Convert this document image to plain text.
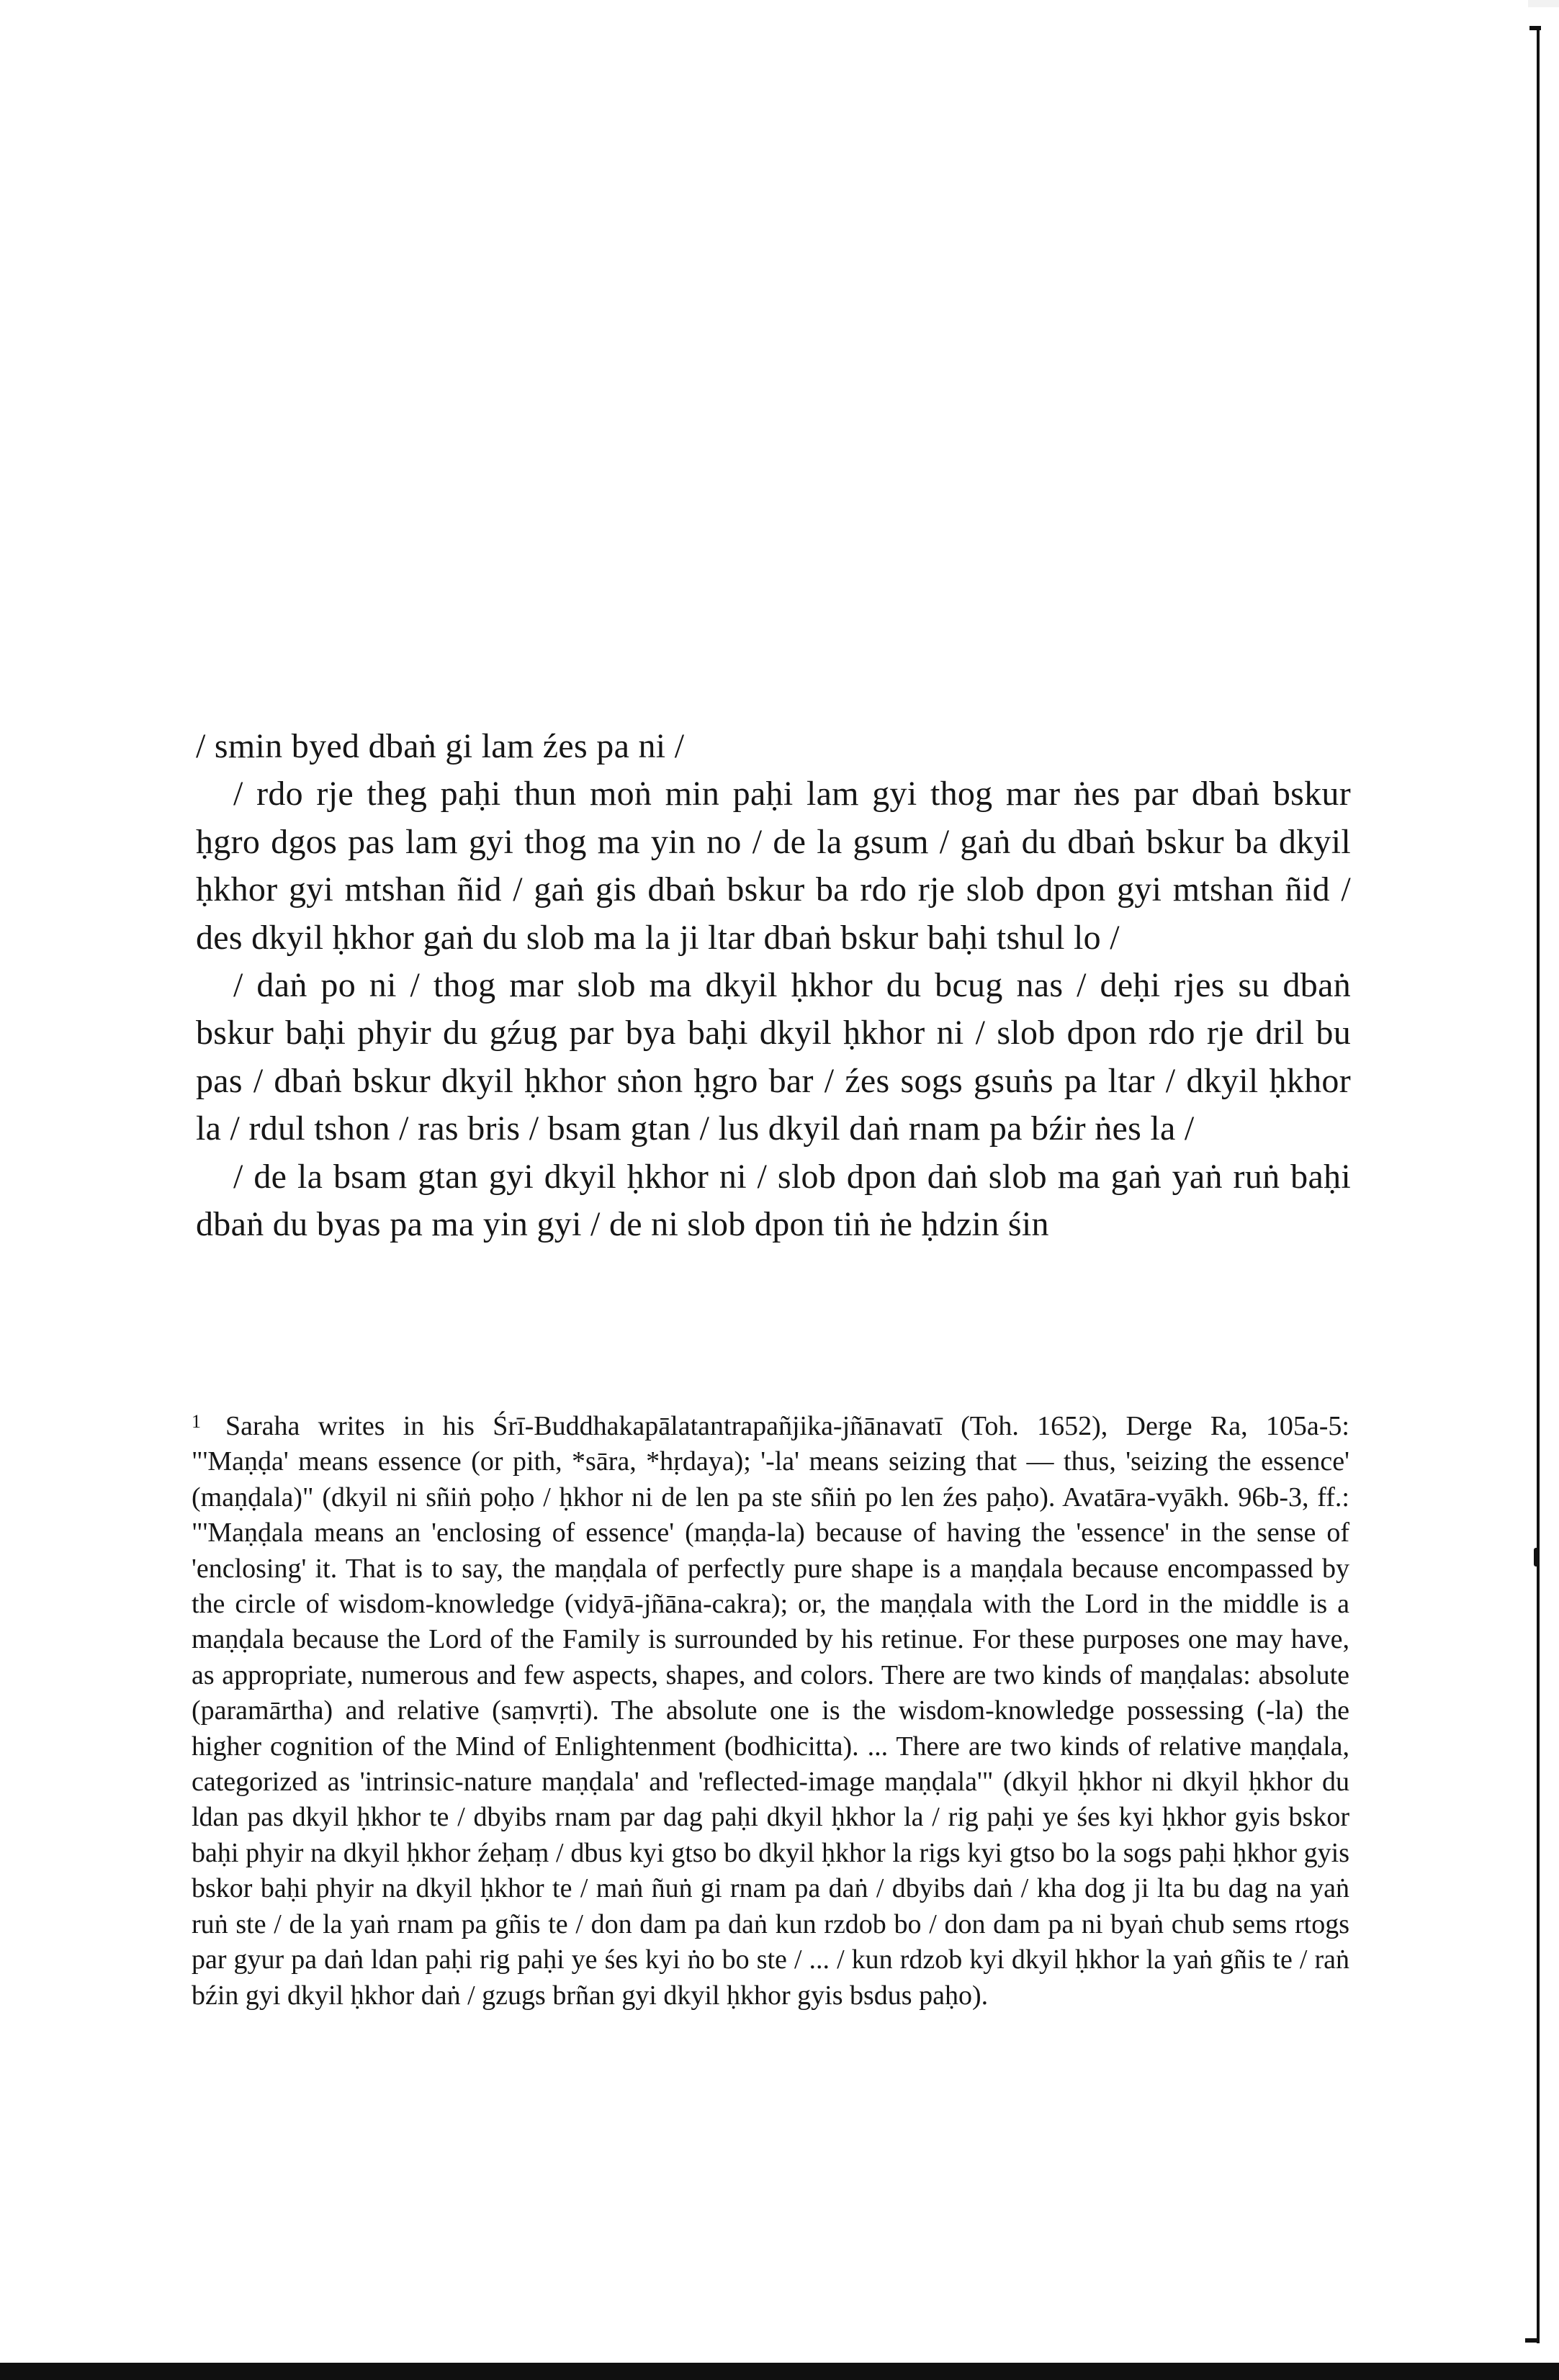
/ smin byed dbaṅ gi lam źes pa ni /

/ rdo rje theg paḥi thun moṅ min paḥi lam gyi thog mar ṅes par dbaṅ bskur ḥgro dgos pas lam gyi thog ma yin no / de la gsum / gaṅ du dbaṅ bskur ba dkyil ḥkhor gyi mtshan ñid / gaṅ gis dbaṅ bskur ba rdo rje slob dpon gyi mtshan ñid / des dkyil ḥkhor gaṅ du slob ma la ji ltar dbaṅ bskur baḥi tshul lo /

/ daṅ po ni / thog mar slob ma dkyil ḥkhor du bcug nas / deḥi rjes su dbaṅ bskur baḥi phyir du gźug par bya baḥi dkyil ḥkhor ni / slob dpon rdo rje dril bu pas / dbaṅ bskur dkyil ḥkhor sṅon ḥgro bar / źes sogs gsuṅs pa ltar / dkyil ḥkhor la / rdul tshon / ras bris / bsam gtan / lus dkyil daṅ rnam pa bźir ṅes la /

/ de la bsam gtan gyi dkyil ḥkhor ni / slob dpon daṅ slob ma gaṅ yaṅ ruṅ baḥi dbaṅ du byas pa ma yin gyi / de ni slob dpon tiṅ ṅe ḥdzin śin

$^1$ Saraha writes in his Śrī-Buddhakapālatantrapañjika-jñānavatī (Toh. 1652), Derge Ra, 105a-5: "'Maṇḍa' means essence (or pith, *sāra, *hṛdaya); '-la' means seizing that — thus, 'seizing the essence' (maṇḍala)" (dkyil ni sñiṅ poḥo / ḥkhor ni de len pa ste sñiṅ po len źes paḥo). Avatāra-vyākh. 96b-3, ff.: "'Maṇḍala means an 'enclosing of essence' (maṇḍa-la) because of having the 'essence' in the sense of 'enclosing' it. That is to say, the maṇḍala of perfectly pure shape is a maṇḍala because encompassed by the circle of wisdom-knowledge (vidyā-jñāna-cakra); or, the maṇḍala with the Lord in the middle is a maṇḍala because the Lord of the Family is surrounded by his retinue. For these purposes one may have, as appropriate, numerous and few aspects, shapes, and colors. There are two kinds of maṇḍalas: absolute (paramārtha) and relative (saṃvṛti). The absolute one is the wisdom-knowledge possessing (-la) the higher cognition of the Mind of Enlightenment (bodhicitta). ... There are two kinds of relative maṇḍala, categorized as 'intrinsic-nature maṇḍala' and 'reflected-image maṇḍala'" (dkyil ḥkhor ni dkyil ḥkhor du ldan pas dkyil ḥkhor te / dbyibs rnam par dag paḥi dkyil ḥkhor la / rig paḥi ye śes kyi ḥkhor gyis bskor baḥi phyir na dkyil ḥkhor źeḥaṃ / dbus kyi gtso bo dkyil ḥkhor la rigs kyi gtso bo la sogs paḥi ḥkhor gyis bskor baḥi phyir na dkyil ḥkhor te / maṅ ñuṅ gi rnam pa daṅ / dbyibs daṅ / kha dog ji lta bu dag na yaṅ ruṅ ste / de la yaṅ rnam pa gñis te / don dam pa daṅ kun rzdob bo / don dam pa ni byaṅ chub sems rtogs par gyur pa daṅ ldan paḥi rig paḥi ye śes kyi ṅo bo ste / ... / kun rdzob kyi dkyil ḥkhor la yaṅ gñis te / raṅ bźin gyi dkyil ḥkhor daṅ / gzugs brñan gyi dkyil ḥkhor gyis bsdus paḥo).
